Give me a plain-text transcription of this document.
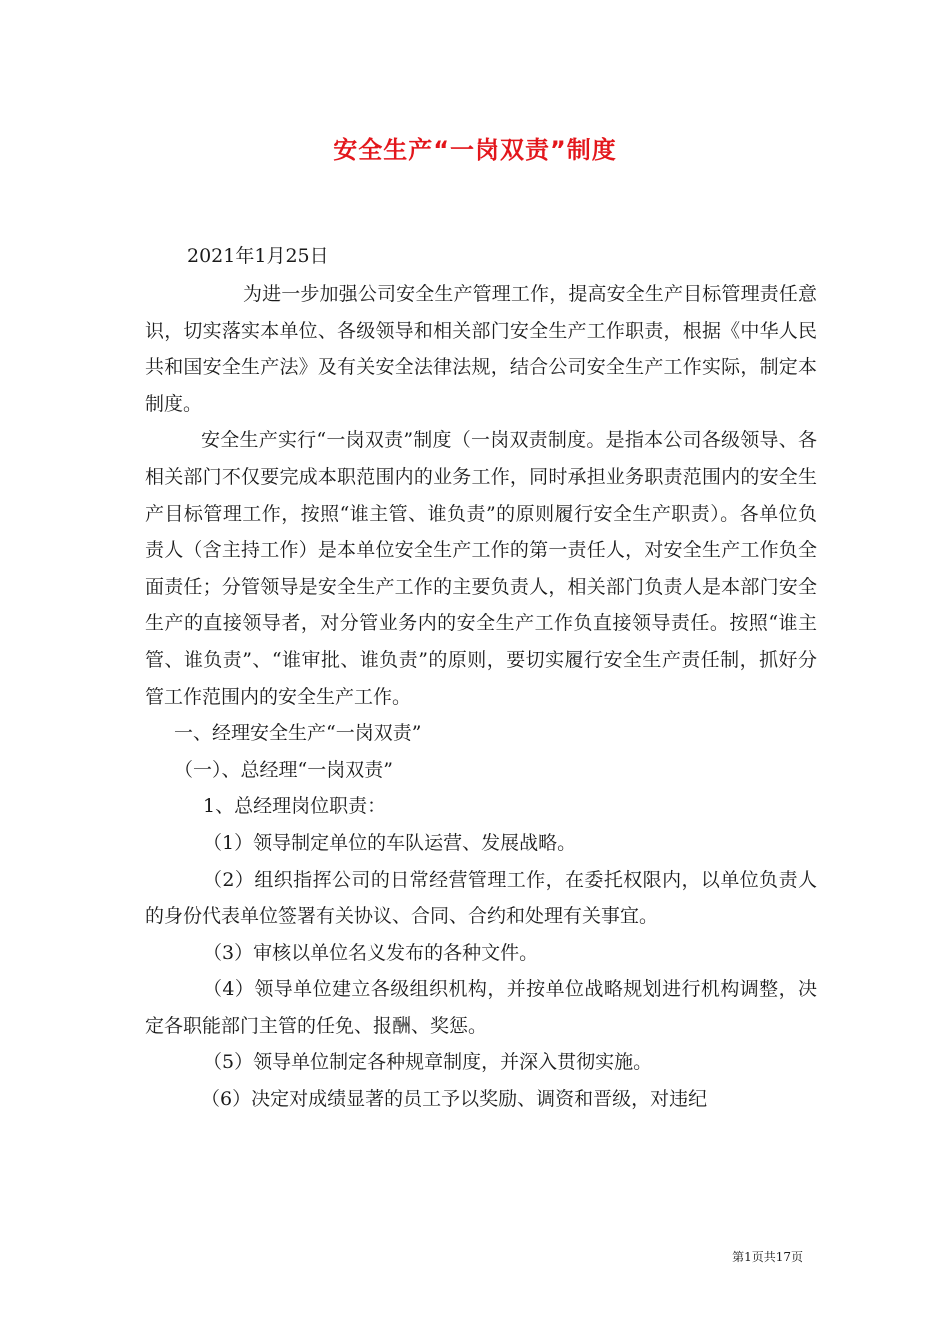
安全生产“一岗双责”制度
2021年1月25日

为进一步加强公司安全生产管理工作，提高安全生产目标管理责任意识，切实落实本单位、各级领导和相关部门安全生产工作职责，根据《中华人民共和国安全生产法》及有关安全法律法规，结合公司安全生产工作实际，制定本制度。

安全生产实行“一岗双责”制度（一岗双责制度。是指本公司各级领导、各相关部门不仅要完成本职范围内的业务工作，同时承担业务职责范围内的安全生产目标管理工作，按照“谁主管、谁负责”的原则履行安全生产职责）。各单位负责人（含主持工作）是本单位安全生产工作的第一责任人，对安全生产工作负全面责任；分管领导是安全生产工作的主要负责人，相关部门负责人是本部门安全生产的直接领导者，对分管业务内的安全生产工作负直接领导责任。按照“谁主管、谁负责”、“谁审批、谁负责”的原则，要切实履行安全生产责任制，抓好分管工作范围内的安全生产工作。

一、经理安全生产“一岗双责”

（一）、总经理“一岗双责”

1、总经理岗位职责：

（1）领导制定单位的车队运营、发展战略。

（2）组织指挥公司的日常经营管理工作，在委托权限内，以单位负责人的身份代表单位签署有关协议、合同、合约和处理有关事宜。

（3）审核以单位名义发布的各种文件。

（4）领导单位建立各级组织机构，并按单位战略规划进行机构调整，决定各职能部门主管的任免、报酬、奖惩。

（5）领导单位制定各种规章制度，并深入贯彻实施。

（6）决定对成绩显著的员工予以奖励、调资和晋级，对违纪

第1页共17页
